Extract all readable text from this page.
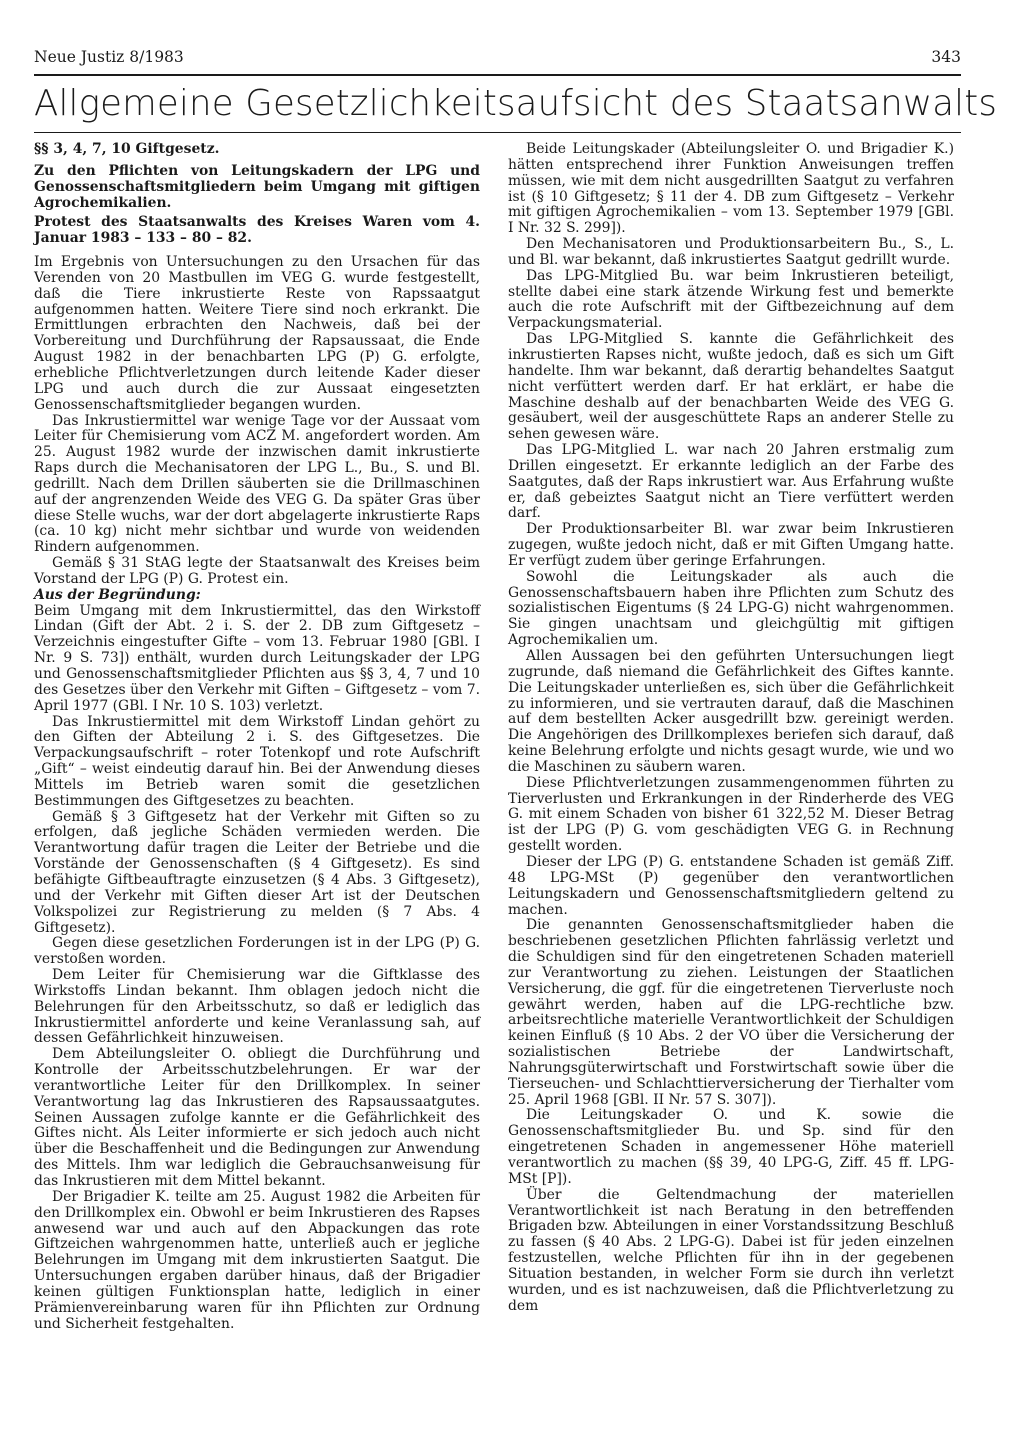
Neue Justiz 8/1983	343
Allgemeine Gesetzlichkeitsaufsicht des Staatsanwalts

§§ 3, 4, 7, 10 Giftgesetz.

Zu den Pflichten von Leitungskadern der LPG und Genossenschaftsmitgliedern beim Umgang mit giftigen Agrochemikalien.

Protest des Staatsanwalts des Kreises Waren vom 4. Januar 1983 – 133 – 80 – 82.

Im Ergebnis von Untersuchungen zu den Ursachen für das Verenden von 20 Mastbullen im VEG G. wurde festgestellt, daß die Tiere inkrustierte Reste von Rapssaatgut aufgenommen hatten. Weitere Tiere sind noch erkrankt. Die Ermittlungen erbrachten den Nachweis, daß bei der Vorbereitung und Durchführung der Rapsaussaat, die Ende August 1982 in der benachbarten LPG (P) G. erfolgte, erhebliche Pflichtverletzungen durch leitende Kader dieser LPG und auch durch die zur Aussaat eingesetzten Genossenschaftsmitglieder begangen wurden.

Das Inkrustiermittel war wenige Tage vor der Aussaat vom Leiter für Chemisierung vom ACZ M. angefordert worden. Am 25. August 1982 wurde der inzwischen damit inkrustierte Raps durch die Mechanisatoren der LPG L., Bu., S. und Bl. gedrillt. Nach dem Drillen säuberten sie die Drillmaschinen auf der angrenzenden Weide des VEG G. Da später Gras über diese Stelle wuchs, war der dort abgelagerte inkrustierte Raps (ca. 10 kg) nicht mehr sichtbar und wurde von weidenden Rindern aufgenommen.

Gemäß § 31 StAG legte der Staatsanwalt des Kreises beim Vorstand der LPG (P) G. Protest ein.

Aus der Begründung:

Beim Umgang mit dem Inkrustiermittel, das den Wirkstoff Lindan (Gift der Abt. 2 i. S. der 2. DB zum Giftgesetz – Verzeichnis eingestufter Gifte – vom 13. Februar 1980 [GBl. I Nr. 9 S. 73]) enthält, wurden durch Leitungskader der LPG und Genossenschaftsmitglieder Pflichten aus §§ 3, 4, 7 und 10 des Gesetzes über den Verkehr mit Giften – Giftgesetz – vom 7. April 1977 (GBl. I Nr. 10 S. 103) verletzt.

Das Inkrustiermittel mit dem Wirkstoff Lindan gehört zu den Giften der Abteilung 2 i. S. des Giftgesetzes. Die Verpackungsaufschrift – roter Totenkopf und rote Aufschrift „Gift“ – weist eindeutig darauf hin. Bei der Anwendung dieses Mittels im Betrieb waren somit die gesetzlichen Bestimmungen des Giftgesetzes zu beachten.

Gemäß § 3 Giftgesetz hat der Verkehr mit Giften so zu erfolgen, daß jegliche Schäden vermieden werden. Die Verantwortung dafür tragen die Leiter der Betriebe und die Vorstände der Genossenschaften (§ 4 Giftgesetz). Es sind befähigte Giftbeauftragte einzusetzen (§ 4 Abs. 3 Giftgesetz), und der Verkehr mit Giften dieser Art ist der Deutschen Volkspolizei zur Registrierung zu melden (§ 7 Abs. 4 Giftgesetz).

Gegen diese gesetzlichen Forderungen ist in der LPG (P) G. verstoßen worden.

Dem Leiter für Chemisierung war die Giftklasse des Wirkstoffs Lindan bekannt. Ihm oblagen jedoch nicht die Belehrungen für den Arbeitsschutz, so daß er lediglich das Inkrustiermittel anforderte und keine Veranlassung sah, auf dessen Gefährlichkeit hinzuweisen.

Dem Abteilungsleiter O. obliegt die Durchführung und Kontrolle der Arbeitsschutzbelehrungen. Er war der verantwortliche Leiter für den Drillkomplex. In seiner Verantwortung lag das Inkrustieren des Rapsaussaatgutes. Seinen Aussagen zufolge kannte er die Gefährlichkeit des Giftes nicht. Als Leiter informierte er sich jedoch auch nicht über die Beschaffenheit und die Bedingungen zur Anwendung des Mittels. Ihm war lediglich die Gebrauchsanweisung für das Inkrustieren mit dem Mittel bekannt.

Der Brigadier K. teilte am 25. August 1982 die Arbeiten für den Drillkomplex ein. Obwohl er beim Inkrustieren des Rapses anwesend war und auch auf den Abpackungen das rote Giftzeichen wahrgenommen hatte, unterließ auch er jegliche Belehrungen im Umgang mit dem inkrustierten Saatgut. Die Untersuchungen ergaben darüber hinaus, daß der Brigadier keinen gültigen Funktionsplan hatte, lediglich in einer Prämienvereinbarung waren für ihn Pflichten zur Ordnung und Sicherheit festgehalten.

Beide Leitungskader (Abteilungsleiter O. und Brigadier K.) hätten entsprechend ihrer Funktion Anweisungen treffen müssen, wie mit dem nicht ausgedrillten Saatgut zu verfahren ist (§ 10 Giftgesetz; § 11 der 4. DB zum Giftgesetz – Verkehr mit giftigen Agrochemikalien – vom 13. September 1979 [GBl. I Nr. 32 S. 299]).

Den Mechanisatoren und Produktionsarbeitern Bu., S., L. und Bl. war bekannt, daß inkrustiertes Saatgut gedrillt wurde.

Das LPG-Mitglied Bu. war beim Inkrustieren beteiligt, stellte dabei eine stark ätzende Wirkung fest und bemerkte auch die rote Aufschrift mit der Giftbezeichnung auf dem Verpackungsmaterial.

Das LPG-Mitglied S. kannte die Gefährlichkeit des inkrustierten Rapses nicht, wußte jedoch, daß es sich um Gift handelte. Ihm war bekannt, daß derartig behandeltes Saatgut nicht verfüttert werden darf. Er hat erklärt, er habe die Maschine deshalb auf der benachbarten Weide des VEG G. gesäubert, weil der ausgeschüttete Raps an anderer Stelle zu sehen gewesen wäre.

Das LPG-Mitglied L. war nach 20 Jahren erstmalig zum Drillen eingesetzt. Er erkannte lediglich an der Farbe des Saatgutes, daß der Raps inkrustiert war. Aus Erfahrung wußte er, daß gebeiztes Saatgut nicht an Tiere verfüttert werden darf.

Der Produktionsarbeiter Bl. war zwar beim Inkrustieren zugegen, wußte jedoch nicht, daß er mit Giften Umgang hatte. Er verfügt zudem über geringe Erfahrungen.

Sowohl die Leitungskader als auch die Genossenschaftsbauern haben ihre Pflichten zum Schutz des sozialistischen Eigentums (§ 24 LPG-G) nicht wahrgenommen. Sie gingen unachtsam und gleichgültig mit giftigen Agrochemikalien um.

Allen Aussagen bei den geführten Untersuchungen liegt zugrunde, daß niemand die Gefährlichkeit des Giftes kannte. Die Leitungskader unterließen es, sich über die Gefährlichkeit zu informieren, und sie vertrauten darauf, daß die Maschinen auf dem bestellten Acker ausgedrillt bzw. gereinigt werden. Die Angehörigen des Drillkomplexes beriefen sich darauf, daß keine Belehrung erfolgte und nichts gesagt wurde, wie und wo die Maschinen zu säubern waren.

Diese Pflichtverletzungen zusammengenommen führten zu Tierverlusten und Erkrankungen in der Rinderherde des VEG G. mit einem Schaden von bisher 61 322,52 M. Dieser Betrag ist der LPG (P) G. vom geschädigten VEG G. in Rechnung gestellt worden.

Dieser der LPG (P) G. entstandene Schaden ist gemäß Ziff. 48 LPG-MSt (P) gegenüber den verantwortlichen Leitungskadern und Genossenschaftsmitgliedern geltend zu machen.

Die genannten Genossenschaftsmitglieder haben die beschriebenen gesetzlichen Pflichten fahrlässig verletzt und die Schuldigen sind für den eingetretenen Schaden materiell zur Verantwortung zu ziehen. Leistungen der Staatlichen Versicherung, die ggf. für die eingetretenen Tierverluste noch gewährt werden, haben auf die LPG-rechtliche bzw. arbeitsrechtliche materielle Verantwortlichkeit der Schuldigen keinen Einfluß (§ 10 Abs. 2 der VO über die Versicherung der sozialistischen Betriebe der Landwirtschaft, Nahrungsgüterwirtschaft und Forstwirtschaft sowie über die Tierseuchen- und Schlachttierversicherung der Tierhalter vom 25. April 1968 [GBl. II Nr. 57 S. 307]).

Die Leitungskader O. und K. sowie die Genossenschaftsmitglieder Bu. und Sp. sind für den eingetretenen Schaden in angemessener Höhe materiell verantwortlich zu machen (§§ 39, 40 LPG-G, Ziff. 45 ff. LPG-MSt [P]).

Über die Geltendmachung der materiellen Verantwortlichkeit ist nach Beratung in den betreffenden Brigaden bzw. Abteilungen in einer Vorstandssitzung Beschluß zu fassen (§ 40 Abs. 2 LPG-G). Dabei ist für jeden einzelnen festzustellen, welche Pflichten für ihn in der gegebenen Situation bestanden, in welcher Form sie durch ihn verletzt wurden, und es ist nachzuweisen, daß die Pflichtverletzung zu dem
